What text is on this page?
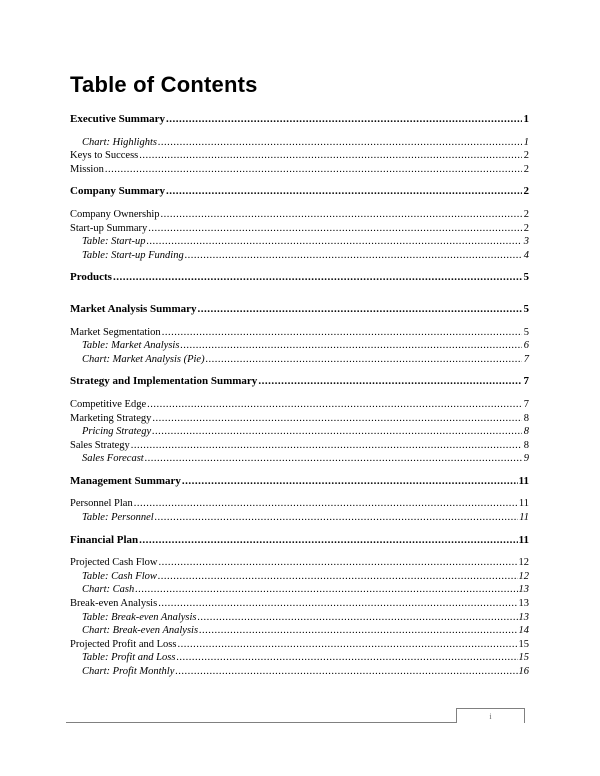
Table of Contents
Executive Summary .....	1
Chart: Highlights .....	1
Keys to Success .....	2
Mission .....	2
Company Summary .....	2
Company Ownership .....	2
Start-up Summary .....	2
Table: Start-up .....	3
Table: Start-up Funding .....	4
Products .....	5
Market Analysis Summary .....	5
Market Segmentation .....	5
Table: Market Analysis .....	6
Chart: Market Analysis (Pie) .....	7
Strategy and Implementation Summary .....	7
Competitive Edge .....	7
Marketing Strategy .....	8
Pricing Strategy .....	8
Sales Strategy .....	8
Sales Forecast .....	9
Management Summary .....	11
Personnel Plan .....	11
Table: Personnel .....	11
Financial Plan .....	11
Projected Cash Flow .....	12
Table: Cash Flow .....	12
Chart: Cash .....	13
Break-even Analysis .....	13
Table: Break-even Analysis .....	13
Chart: Break-even Analysis .....	14
Projected Profit and Loss .....	15
Table: Profit and Loss .....	15
Chart: Profit Monthly .....	16
i
